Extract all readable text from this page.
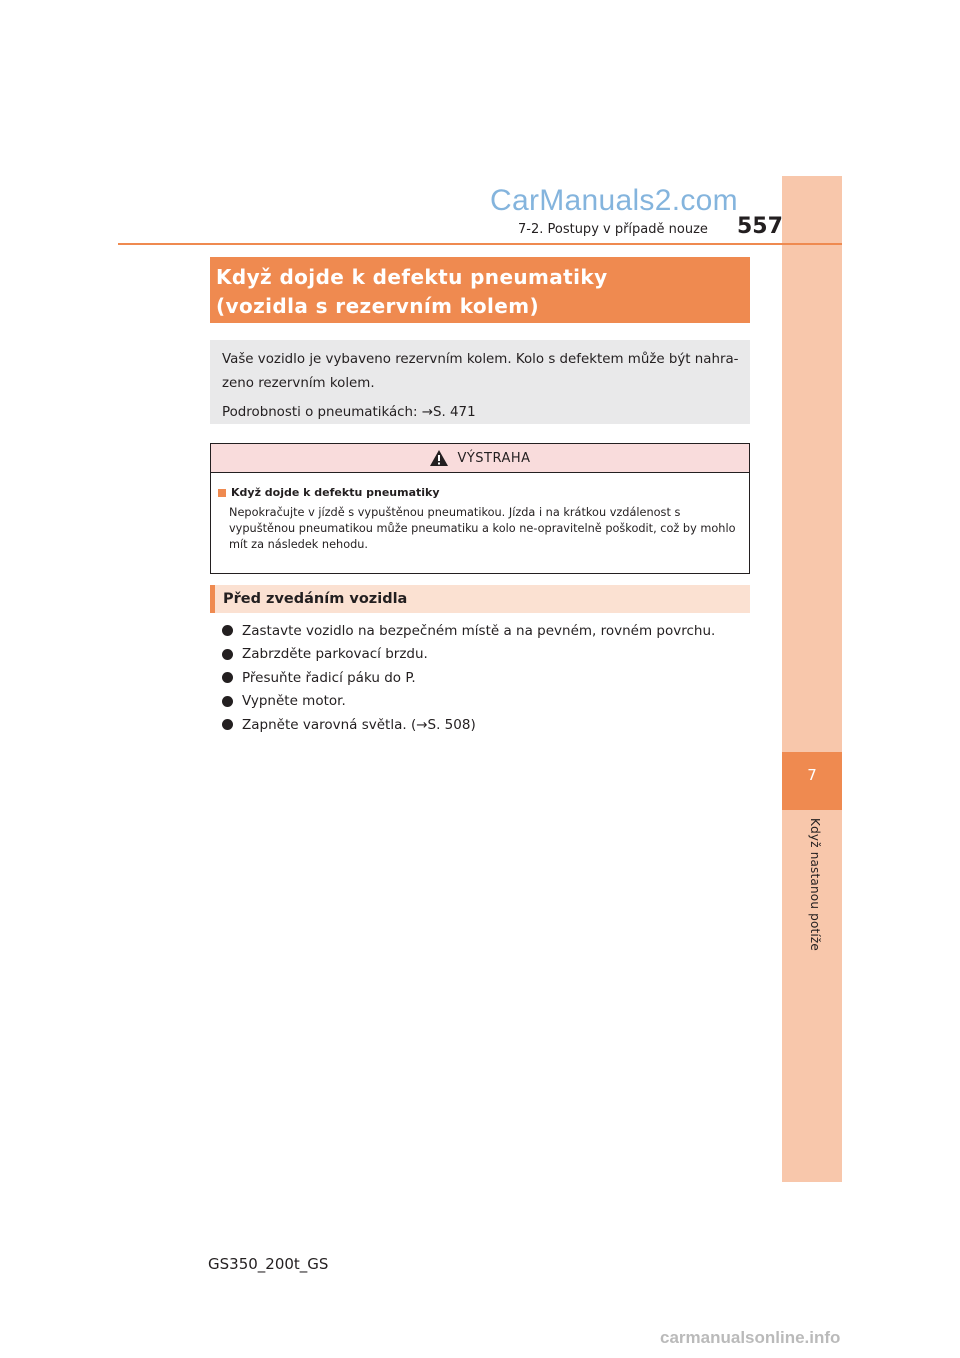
7
Když nastanou potíže
CarManuals2.com
7-2. Postupy v případě nouze 557
Když dojde k defektu pneumatiky
(vozidla s rezervním kolem)
Vaše vozidlo je vybaveno rezervním kolem. Kolo s defektem může být nahra-zeno rezervním kolem.
Podrobnosti o pneumatikách: →S. 471
VÝSTRAHA
Když dojde k defektu pneumatiky
Nepokračujte v jízdě s vypuštěnou pneumatikou. Jízda i na krátkou vzdálenost s vypuštěnou pneumatikou může pneumatiku a kolo ne-opravitelně poškodit, což by mohlo mít za následek nehodu.
Před zvedáním vozidla
Zastavte vozidlo na bezpečném místě a na pevném, rovném povrchu.
Zabrzděte parkovací brzdu.
Přesuňte řadicí páku do P.
Vypněte motor.
Zapněte varovná světla. (→S. 508)
GS350_200t_GS
carmanualsonline.info
